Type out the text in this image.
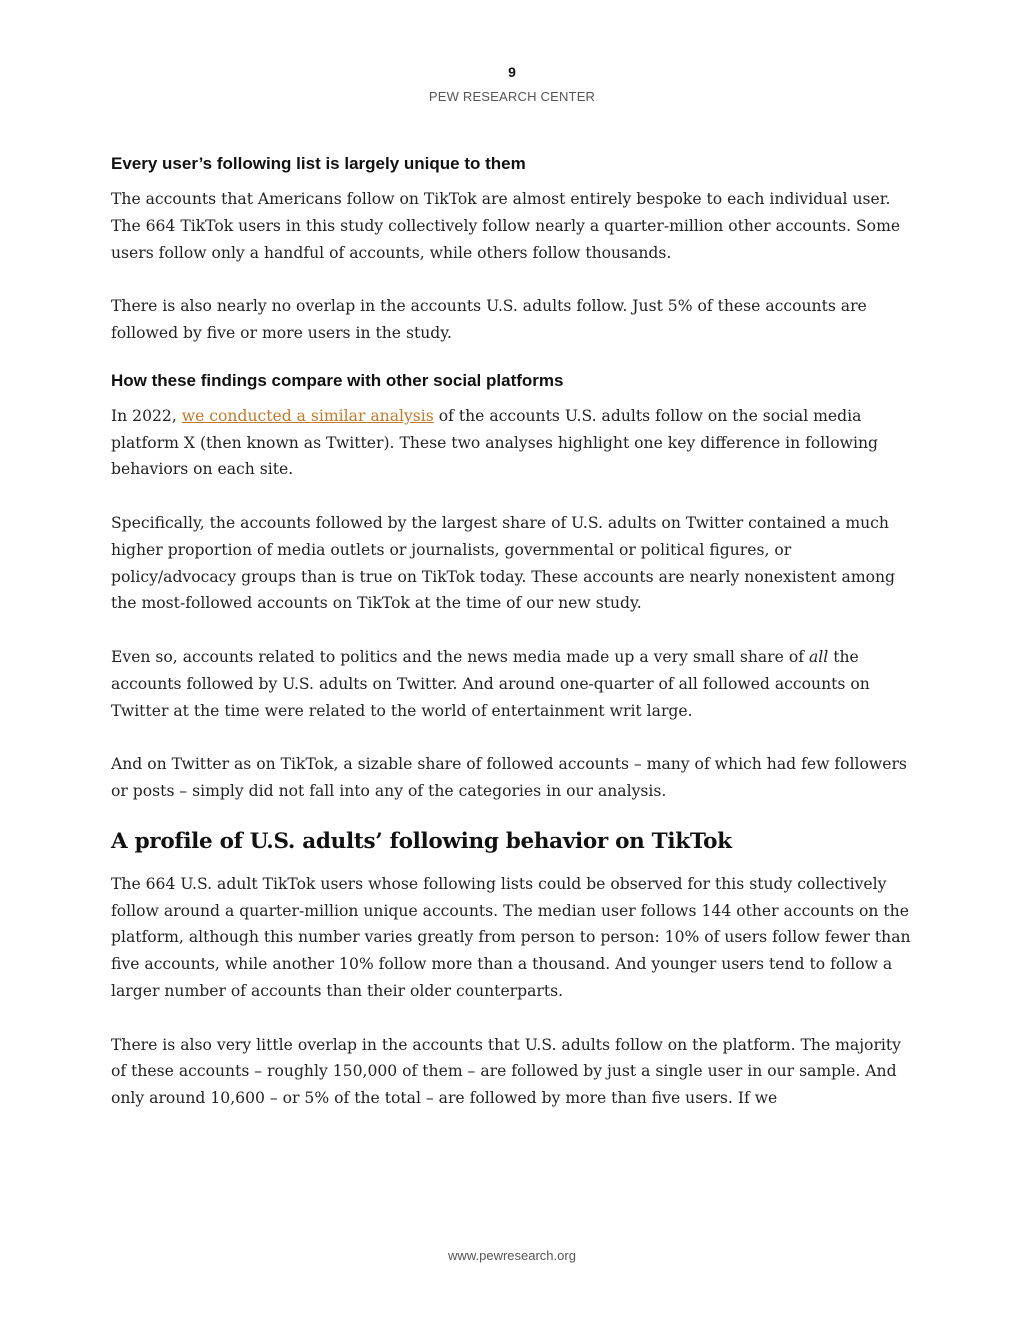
9
PEW RESEARCH CENTER
Every user’s following list is largely unique to them

The accounts that Americans follow on TikTok are almost entirely bespoke to each individual user. The 664 TikTok users in this study collectively follow nearly a quarter-million other accounts. Some users follow only a handful of accounts, while others follow thousands.

There is also nearly no overlap in the accounts U.S. adults follow. Just 5% of these accounts are followed by five or more users in the study.

How these findings compare with other social platforms

In 2022, we conducted a similar analysis of the accounts U.S. adults follow on the social media platform X (then known as Twitter). These two analyses highlight one key difference in following behaviors on each site.

Specifically, the accounts followed by the largest share of U.S. adults on Twitter contained a much higher proportion of media outlets or journalists, governmental or political figures, or policy/advocacy groups than is true on TikTok today. These accounts are nearly nonexistent among the most-followed accounts on TikTok at the time of our new study.

Even so, accounts related to politics and the news media made up a very small share of all the accounts followed by U.S. adults on Twitter. And around one-quarter of all followed accounts on Twitter at the time were related to the world of entertainment writ large.

And on Twitter as on TikTok, a sizable share of followed accounts – many of which had few followers or posts – simply did not fall into any of the categories in our analysis.

A profile of U.S. adults’ following behavior on TikTok

The 664 U.S. adult TikTok users whose following lists could be observed for this study collectively follow around a quarter-million unique accounts. The median user follows 144 other accounts on the platform, although this number varies greatly from person to person: 10% of users follow fewer than five accounts, while another 10% follow more than a thousand. And younger users tend to follow a larger number of accounts than their older counterparts.

There is also very little overlap in the accounts that U.S. adults follow on the platform. The majority of these accounts – roughly 150,000 of them – are followed by just a single user in our sample. And only around 10,600 – or 5% of the total – are followed by more than five users. If we

www.pewresearch.org
